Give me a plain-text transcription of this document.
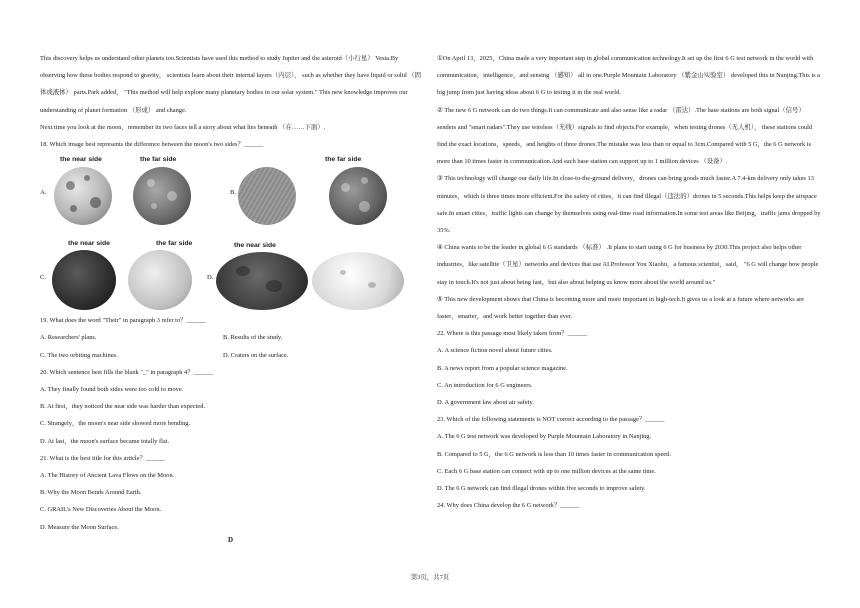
This discovery helps us understand other planets too.Scientists have used this method to study Jupiter and the asteroid（小行星） Vesta.By observing how these bodies respond to gravity， scientists learn about their internal layers（内层）， such as whether they have liquid or solid （固体或液体） parts.Park added， "This method will help explore many planetary bodies in our solar system." This new knowledge improves our understanding of planet formation （形成） and change.

Next time you look at the moon，remember its two faces tell a story about what lies beneath （在……下面）.

18. Which image best represents the difference between the moon's two sides？______

the near side	the far side	the far side
A.	B.
the near side	the far side	the near side
C.	D.

19. What does the word "Their" in paragraph 3 refer to？______

A. Researchers' plans.	B. Results of the study.

C. The two orbiting machines.	D. Craters on the surface.

20. Which sentence best fills the blank "_" in paragraph 4？______

A. They finally found both sides were too cold to move.

B. At first，they noticed the near side was harder than expected.

C. Strangely，the moon's near side showed more bending.

D. At last，the moon's surface became totally flat.

21. What is the best title for this article？______

A. The History of Ancient Lava Flows on the Moon.

B. Why the Moon Bends Around Earth.

C. GRAIL's New Discoveries About the Moon.

D. Measure the Moon Surface.

D

①On April 13，2025，China made a very important step in global communication technology.It set up the first 6 G test network in the world with communication，intelligence，and sensing （感知） all in one.Purple Mountain Laboratory （紫金山实验室） developed this in Nanjing.This is a big jump from just having ideas about 6 G to testing it in the real world.

② The new 6 G network can do two things.It can communicate and also sense like a radar （雷达）.The base stations are both signal（信号）senders and "smart radars".They use wireless（无线）signals to find objects.For example，when testing drones（无人机）， these stations could find the exact locations，speeds，and heights of three drones.The mistake was less than or equal to 3cm.Compared with 5 G，the 6 G network is more than 10 times faster in communication.And each base station can support up to 1 million devices （设备）.

③ This technology will change our daily life.In close-to-the-ground delivery，drones can bring goods much faster.A 7.4-km delivery only takes 13 minutes，which is three times more efficient.For the safety of cities，it can find illegal（违法的）drones in 5 seconds.This helps keep the airspace safe.In smart cities，traffic lights can change by themselves using real-time road information.In some test areas like Beijing，traffic jams dropped by 35%.

④ China wants to be the leader in global 6 G standards （标准） .It plans to start using 6 G for business by 2030.This project also helps other industries，like satellite（卫星）networks and devices that use AI.Professor You Xiaohu，a famous scientist，said， "6 G will change how people stay in touch.It's not just about being fast，but also about helping us know more about the world around us."

⑤ This new development shows that China is becoming more and more important in high-tech.It gives us a look at a future where networks are faster，smarter，and work better together than ever.

22. Where is this passage most likely taken from？______

A. A science fiction novel about future cities.

B. A news report from a popular science magazine.

C. An introduction for 6 G engineers.

D. A government law about air safety.

23. Which of the following statements is NOT correct according to the passage？______

A. The 6 G test network was developed by Purple Mountain Laboratory in Nanjing.

B. Compared to 5 G，the 6 G network is less than 10 times faster in communication speed.

C. Each 6 G base station can connect with up to one million devices at the same time.

D. The 6 G network can find illegal drones within five seconds to improve safety.

24. Why does China develop the 6 G network？______

第3页，共7页
